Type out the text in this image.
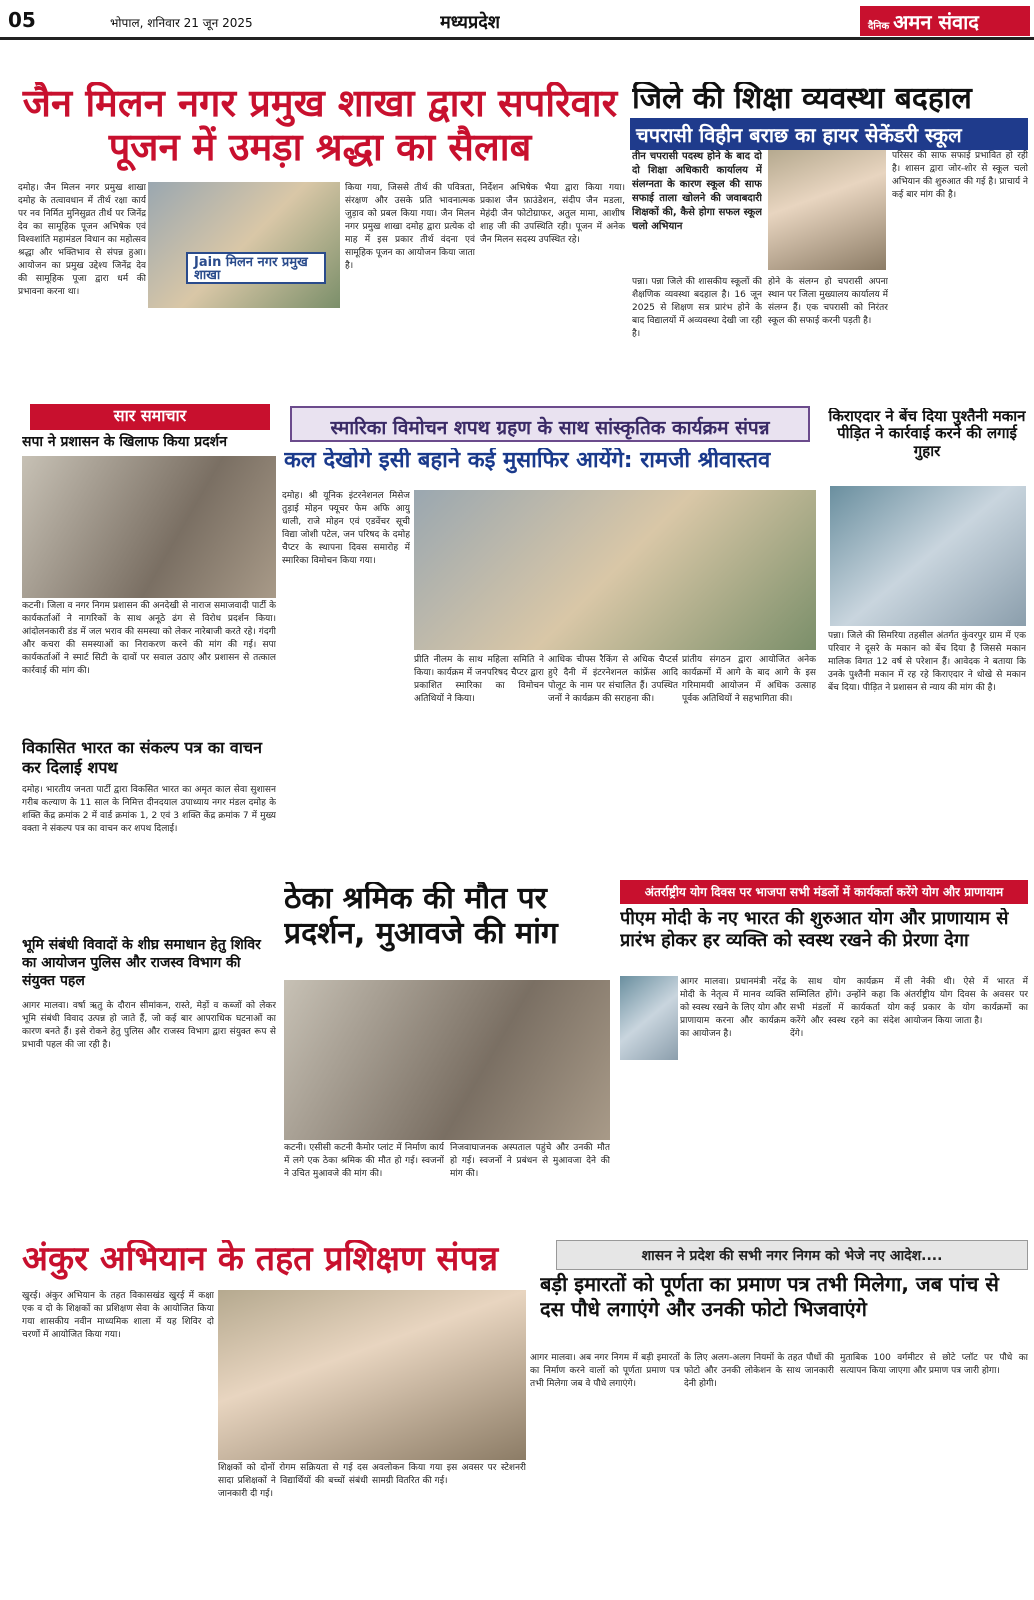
05	भोपाल, शनिवार 21 जून 2025	मध्यप्रदेश	दैनिक अमन संवाद
जैन मिलन नगर प्रमुख शाखा द्वारा सपरिवार पूजन में उमड़ा श्रद्धा का सैलाब
दमोह। जैन मिलन नगर प्रमुख शाखा दमोह के तत्वावधान में तीर्थ रक्षा कार्य पर नव निर्मित मुनिसुव्रत तीर्थ पर जिनेंद्र देव का सामूहिक पूजन अभिषेक एवं विश्वशांति महामंडल विधान का महोत्सव श्रद्धा और भक्तिभाव से संपन्न हुआ। आयोजन का प्रमुख उद्देश्य जिनेंद्र देव की सामूहिक पूजा द्वारा धर्म की प्रभावना करना था।
Jain मिलन नगर प्रमुख शाखा
किया गया, जिससे तीर्थ की पवित्रता, संरक्षण और उसके प्रति भावनात्मक जुड़ाव को प्रबल किया गया। जैन मिलन नगर प्रमुख शाखा दमोह द्वारा प्रत्येक दो माह में इस प्रकार तीर्थ वंदना एवं सामूहिक पूजन का आयोजन किया जाता है।
निर्देशन अभिषेक भैया द्वारा किया गया। प्रकाश जैन फ़ाउंडेशन, संदीप जैन मडला, मेहंदी जैन फोटोग्राफर, अतुल मामा, आशीष शाह जी की उपस्थिति रही। पूजन में अनेक जैन मिलन सदस्य उपस्थित रहे।
जिले की शिक्षा व्यवस्था बदहाल
चपरासी विहीन बराछ का हायर सेकेंडरी स्कूल
तीन चपरासी पदस्थ होने के बाद दो दो शिक्षा अधिकारी कार्यालय में संलग्नता के कारण स्कूल की साफ सफाई ताला खोलने की जवाबदारी शिक्षकों की, कैसे होगा सफल स्कूल चलो अभियान
पन्ना। पन्ना जिले की शासकीय स्कूलों की शैक्षणिक व्यवस्था बदहाल है। 16 जून 2025 से शिक्षण सत्र प्रारंभ होने के बाद विद्यालयों में अव्यवस्था देखी जा रही है।
होने के संलग्न हो चपरासी अपना स्थान पर जिला मुख्यालय कार्यालय में संलग्न हैं। एक चपरासी को निरंतर स्कूल की सफाई करनी पड़ती है।
परिसर की साफ सफाई प्रभावित हो रही है। शासन द्वारा जोर-शोर से स्कूल चलो अभियान की शुरुआत की गई है। प्राचार्य ने कई बार मांग की है।
सार समाचार
सपा ने प्रशासन के खिलाफ किया प्रदर्शन
कटनी। जिला व नगर निगम प्रशासन की अनदेखी से नाराज समाजवादी पार्टी के कार्यकर्ताओं ने नागरिकों के साथ अनूठे ढंग से विरोध प्रदर्शन किया। आंदोलनकारी डंड में जल भराव की समस्या को लेकर नारेबाजी करते रहे। गंदगी और कचरा की समस्याओं का निराकरण करने की मांग की गई। सपा कार्यकर्ताओं ने स्मार्ट सिटी के दावों पर सवाल उठाए और प्रशासन से तत्काल कार्रवाई की मांग की।
विकासित भारत का संकल्प पत्र का वाचन कर दिलाई शपथ
दमोह। भारतीय जनता पार्टी द्वारा विकसित भारत का अमृत काल सेवा सुशासन गरीब कल्याण के 11 साल के निमित्त दीनदयाल उपाध्याय नगर मंडल दमोह के शक्ति केंद्र क्रमांक 2 में वार्ड क्रमांक 1, 2 एवं 3 शक्ति केंद्र क्रमांक 7 में मुख्य वक्ता ने संकल्प पत्र का वाचन कर शपथ दिलाई।
भूमि संबंधी विवादों के शीघ्र समाधान हेतु शिविर का आयोजन पुलिस और राजस्व विभाग की संयुक्त पहल
आगर मालवा। वर्षा ऋतु के दौरान सीमांकन, रास्ते, मेड़ों व कब्जों को लेकर भूमि संबंधी विवाद उत्पन्न हो जाते हैं, जो कई बार आपराधिक घटनाओं का कारण बनते हैं। इसे रोकने हेतु पुलिस और राजस्व विभाग द्वारा संयुक्त रूप से प्रभावी पहल की जा रही है।
स्मारिका विमोचन शपथ ग्रहण के साथ सांस्कृतिक कार्यक्रम संपन्न
कल देखोगे इसी बहाने कई मुसाफिर आयेंगे: रामजी श्रीवास्तव
दमोह। श्री यूनिक इंटरनेशनल मिसेज तुड़ाई मोहन फ्यूचर फेम अफि आयु धाली, राजे मोहन एवं एडवेंचर सूची विद्या जोशी पटेल, जन परिषद के दमोह चैप्टर के स्थापना दिवस समारोह में स्मारिका विमोचन किया गया।
प्रीति नीलम के साथ महिला समिति ने किया। कार्यक्रम में जनपरिषद चैप्टर द्वारा प्रकाशित स्मारिका का विमोचन अतिथियों ने किया।
आधिक चीफ्स रैकिंग से अधिक चैप्टर्स हुऐ दैनी में इंटरनेशनल कांफ्रेंस आदि पोलूट के नाम पर संचालित हैं। उपस्थित जनों ने कार्यक्रम की सराहना की।
प्रांतीय संगठन द्वारा आयोजित अनेक कार्यक्रमों में आगे के बाद आगे के इस गरिमामयी आयोजन में अधिक उत्साह पूर्वक अतिथियों ने सहभागिता की।
किराएदार ने बेंच दिया पुश्तैनी मकान पीड़ित ने कार्रवाई करने की लगाई गुहार
पन्ना। जिले की सिमरिया तहसील अंतर्गत कुंवरपुर ग्राम में एक परिवार ने दूसरे के मकान को बेंच दिया है जिससे मकान मालिक विगत 12 वर्ष से परेशान हैं। आवेदक ने बताया कि उनके पुश्तैनी मकान में रह रहे किराएदार ने धोखे से मकान बेंच दिया। पीड़ित ने प्रशासन से न्याय की मांग की है।
ठेका श्रमिक की मौत पर प्रदर्शन, मुआवजे की मांग
कटनी। एसीसी कटनी कैमोर प्लांट में निर्माण कार्य में लगे एक ठेका श्रमिक की मौत हो गई। स्वजनों ने उचित मुआवजे की मांग की।
निजवाघाजनक अस्पताल पहुंचे और उनकी मौत हो गई। स्वजनों ने प्रबंधन से मुआवजा देने की मांग की।
अंतर्राष्ट्रीय योग दिवस पर भाजपा सभी मंडलों में कार्यकर्ता करेंगे योग और प्राणायाम
पीएम मोदी के नए भारत की शुरुआत योग और प्राणायाम से प्रारंभ होकर हर व्यक्ति को स्वस्थ रखने की प्रेरणा देगा
आगर मालवा। प्रधानमंत्री नरेंद्र मोदी के नेतृत्व में मानव व्यक्ति को स्वस्थ रखने के लिए योग और प्राणायाम करना और कार्यक्रम का आयोजन है।
के साथ योग कार्यक्रम में सम्मिलित होंगे। उन्होंने कहा कि सभी मंडलों में कार्यकर्ता योग करेंगे और स्वस्थ रहने का संदेश देंगे।
ली नेकी थी। ऐसे में भारत में अंतर्राष्ट्रीय योग दिवस के अवसर पर कई प्रकार के योग कार्यक्रमों का आयोजन किया जाता है।
अंकुर अभियान के तहत प्रशिक्षण संपन्न
खुरई। अंकुर अभियान के तहत विकासखंड खुरई में कक्षा एक व दो के शिक्षकों का प्रशिक्षण सेवा के आयोजित किया गया शासकीय नवीन माध्यमिक शाला में यह शिविर दो चरणों में आयोजित किया गया।
शिक्षकों को दोनों रोगम सक्रियता से गई दस सादा प्रशिक्षकों ने विद्यार्थियों की बच्चों संबंधी जानकारी दी गई।
अवलोकन किया गया इस अवसर पर स्टेशनरी सामग्री वितरित की गई।
शासन ने प्रदेश की सभी नगर निगम को भेजे नए आदेश....
बड़ी इमारतों को पूर्णता का प्रमाण पत्र तभी मिलेगा, जब पांच से दस पौधे लगाएंगे और उनकी फोटो भिजवाएंगे
आगर मालवा। अब नगर निगम में बड़ी इमारतों का निर्माण करने वालों को पूर्णता प्रमाण पत्र तभी मिलेगा जब वे पौधे लगाएंगे।
के लिए अलग-अलग नियमों के तहत पौधों की फोटो और उनकी लोकेशन के साथ जानकारी देनी होगी।
मुताबिक 100 वर्गमीटर से छोटे प्लॉट पर पौधे का सत्यापन किया जाएगा और प्रमाण पत्र जारी होगा।
